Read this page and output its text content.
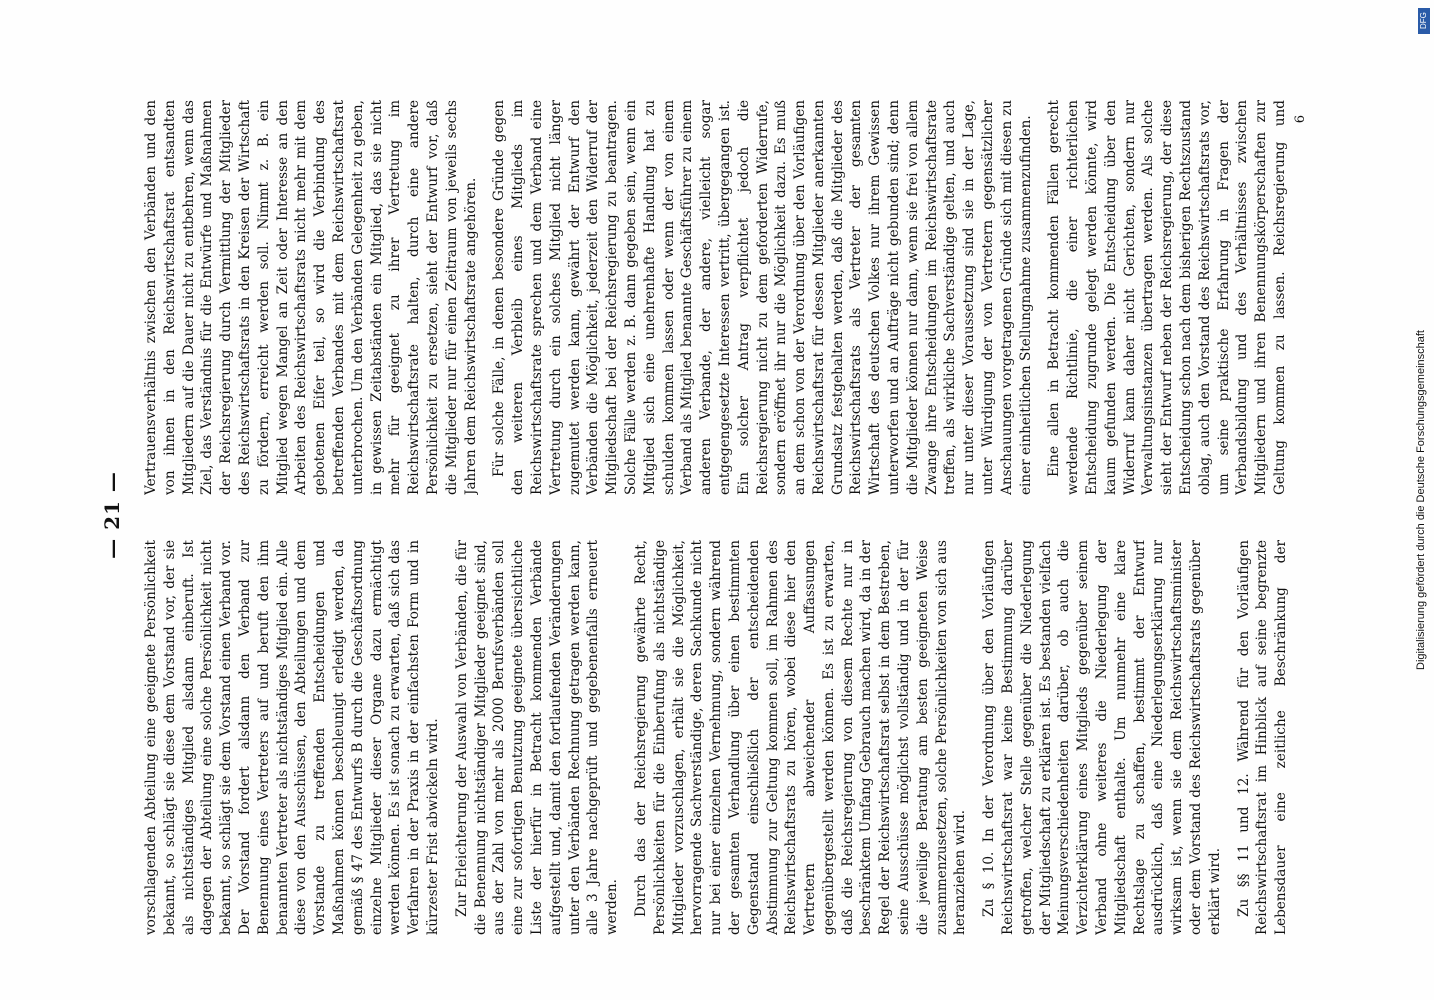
— 21 —

vorschlagenden Abteilung eine geeignete Persönlichkeit bekannt, so schlägt sie diese dem Vorstand vor, der sie als nichtständiges Mitglied alsdann einberuft. Ist dagegen der Abteilung eine solche Persönlichkeit nicht bekannt, so schlägt sie dem Vorstand einen Verband vor. Der Vorstand fordert alsdann den Verband zur Benennung eines Vertreters auf und beruft den ihm benannten Vertreter als nichtständiges Mitglied ein. Alle diese von den Ausschüssen, den Abteilungen und dem Vorstande zu treffenden Entscheidungen und Maßnahmen können beschleunigt erledigt werden, da gemäß § 47 des Entwurfs B durch die Geschäftsordnung einzelne Mitglieder dieser Organe dazu ermächtigt werden können. Es ist sonach zu erwarten, daß sich das Verfahren in der Praxis in der einfachsten Form und in kürzester Frist abwickeln wird. Zur Erleichterung der Auswahl von Verbänden, die für die Benennung nichtständiger Mitglieder geeignet sind, aus der Zahl von mehr als 2000 Berufsverbänden soll eine zur sofortigen Benutzung geeignete übersichtliche Liste der hierfür in Betracht kommenden Verbände aufgestellt und, damit den fortlaufenden Veränderungen unter den Verbänden Rechnung getragen werden kann, alle 3 Jahre nachgeprüft und gegebenenfalls erneuert werden. Durch das der Reichsregierung gewährte Recht, Persönlichkeiten für die Einberufung als nichtständige Mitglieder vorzuschlagen, erhält sie die Möglichkeit, hervorragende Sachverständige, deren Sachkunde nicht nur bei einer einzelnen Vernehmung, sondern während der gesamten Verhandlung über einen bestimmten Gegenstand einschließlich der entscheidenden Abstimmung zur Geltung kommen soll, im Rahmen des Reichswirtschaftsrats zu hören, wobei diese hier den Vertretern abweichender Auffassungen gegenübergestellt werden können. Es ist zu erwarten, daß die Reichsregierung von diesem Rechte nur in beschränktem Umfang Gebrauch machen wird, da in der Regel der Reichswirtschaftsrat selbst in dem Bestreben, seine Ausschüsse möglichst vollständig und in der für die jeweilige Beratung am besten geeigneten Weise zusammenzusetzen, solche Persönlichkeiten von sich aus heranziehen wird. Zu § 10. In der Verordnung über den Vorläufigen Reichswirtschaftsrat war keine Bestimmung darüber getroffen, welcher Stelle gegenüber die Niederlegung der Mitgliedschaft zu erklären ist. Es bestanden vielfach Meinungsverschiedenheiten darüber, ob auch die Verzichterklärung eines Mitglieds gegenüber seinem Verband ohne weiteres die Niederlegung der Mitgliedschaft enthalte. Um nunmehr eine klare Rechtslage zu schaffen, bestimmt der Entwurf ausdrücklich, daß eine Niederlegungserklärung nur wirksam ist, wenn sie dem Reichswirtschaftsminister oder dem Vorstand des Reichswirtschaftsrats gegenüber erklärt wird. Zu §§ 11 und 12. Während für den Vorläufigen Reichswirtschaftsrat im Hinblick auf seine begrenzte Lebensdauer eine zeitliche Beschränkung der

Vertrauensverhältnis zwischen den Verbänden und den von ihnen in den Reichswirtschaftsrat entsandten Mitgliedern auf die Dauer nicht zu entbehren, wenn das Ziel, das Verständnis für die Entwürfe und Maßnahmen der Reichsregierung durch Vermittlung der Mitglieder des Reichswirtschaftsrats in den Kreisen der Wirtschaft zu fördern, erreicht werden soll. Nimmt z. B. ein Mitglied wegen Mangel an Zeit oder Interesse an den Arbeiten des Reichswirtschaftsrats nicht mehr mit dem gebotenen Eifer teil, so wird die Verbindung des betreffenden Verbandes mit dem Reichswirtschaftsrat unterbrochen. Um den Verbänden Gelegenheit zu geben, in gewissen Zeitabständen ein Mitglied, das sie nicht mehr für geeignet zu ihrer Vertretung im Reichswirtschaftsrate halten, durch eine andere Persönlichkeit zu ersetzen, sieht der Entwurf vor, daß die Mitglieder nur für einen Zeitraum von jeweils sechs Jahren dem Reichswirtschaftsrate angehören. Für solche Fälle, in denen besondere Gründe gegen den weiteren Verbleib eines Mitglieds im Reichswirtschaftsrate sprechen und dem Verband eine Vertretung durch ein solches Mitglied nicht länger zugemutet werden kann, gewährt der Entwurf den Verbänden die Möglichkeit, jederzeit den Widerruf der Mitgliedschaft bei der Reichsregierung zu beantragen. Solche Fälle werden z. B. dann gegeben sein, wenn ein Mitglied sich eine unehrenhafte Handlung hat zu schulden kommen lassen oder wenn der von einem Verband als Mitglied benannte Geschäftsführer zu einem anderen Verbande, der andere, vielleicht sogar entgegengesetzte Interessen vertritt, übergegangen ist. Ein solcher Antrag verpflichtet jedoch die Reichsregierung nicht zu dem geforderten Widerrufe, sondern eröffnet ihr nur die Möglichkeit dazu. Es muß an dem schon von der Verordnung über den Vorläufigen Reichswirtschaftsrat für dessen Mitglieder anerkannten Grundsatz festgehalten werden, daß die Mitglieder des Reichswirtschaftsrats als Vertreter der gesamten Wirtschaft des deutschen Volkes nur ihrem Gewissen unterworfen und an Aufträge nicht gebunden sind; denn die Mitglieder können nur dann, wenn sie frei von allem Zwange ihre Entscheidungen im Reichswirtschaftsrate treffen, als wirkliche Sachverständige gelten, und auch nur unter dieser Voraussetzung sind sie in der Lage, unter Würdigung der von Vertretern gegensätzlicher Anschauungen vorgetragenen Gründe sich mit diesen zu einer einheitlichen Stellungnahme zusammenzufinden. Eine allen in Betracht kommenden Fällen gerecht werdende Richtlinie, die einer richterlichen Entscheidung zugrunde gelegt werden könnte, wird kaum gefunden werden. Die Entscheidung über den Widerruf kann daher nicht Gerichten, sondern nur Verwaltungsinstanzen übertragen werden. Als solche sieht der Entwurf neben der Reichsregierung, der diese Entscheidung schon nach dem bisherigen Rechtszustand oblag, auch den Vorstand des Reichswirtschaftsrats vor, um seine praktische Erfahrung in Fragen der Verbandsbildung und des Verhältnisses zwischen Mitgliedern und ihren Benennungskörperschaften zur Geltung kommen zu lassen. Reichsregierung und 6
DFG
Digitalisierung gefördert durch die Deutsche Forschungsgemeinschaft
